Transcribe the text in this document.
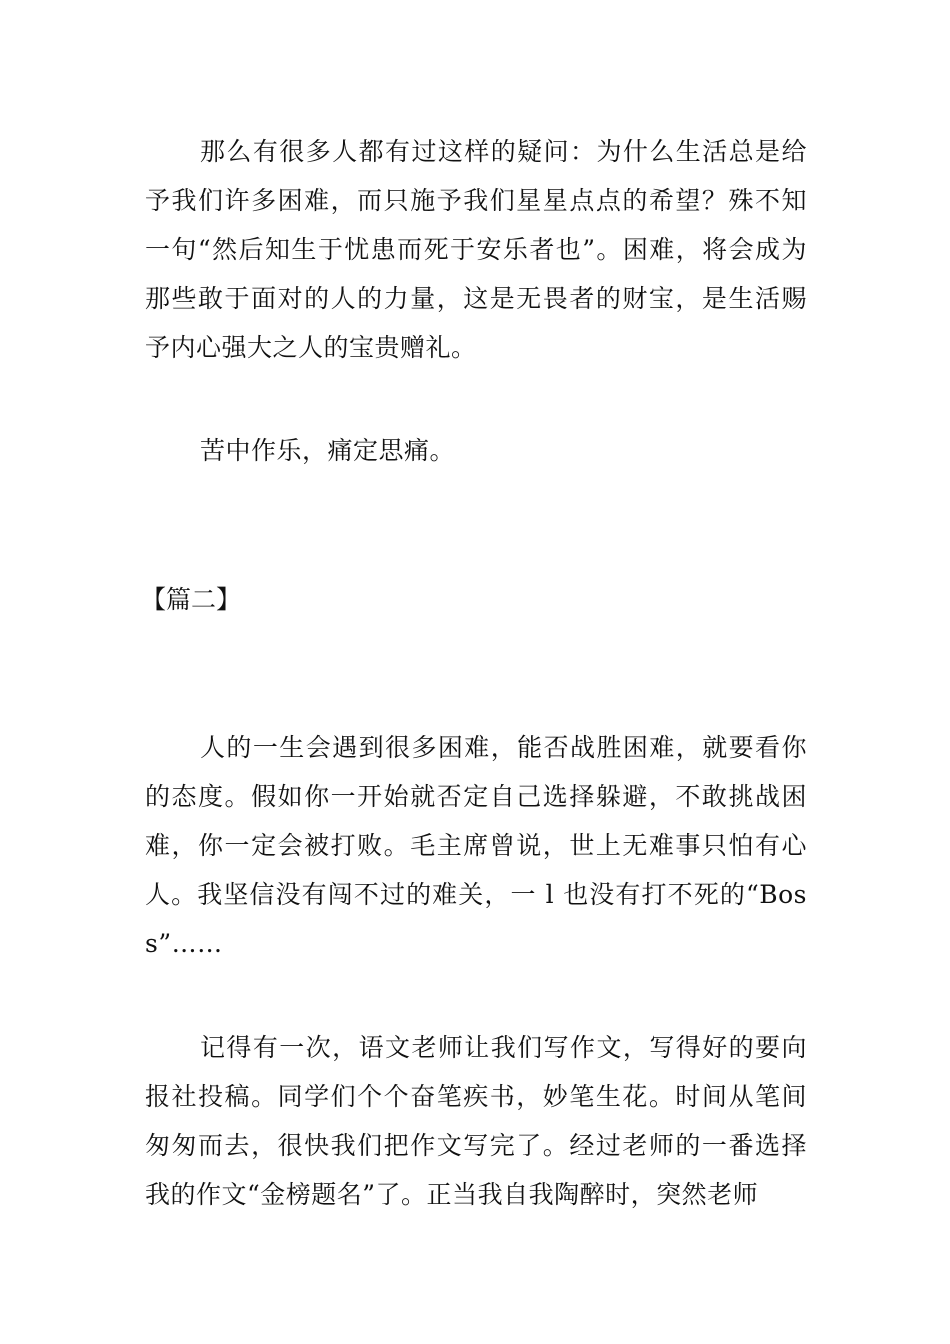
那么有很多人都有过这样的疑问：为什么生活总是给予我们许多困难，而只施予我们星星点点的希望？殊不知一句“然后知生于忧患而死于安乐者也”。困难，将会成为那些敢于面对的人的力量，这是无畏者的财宝，是生活赐予内心强大之人的宝贵赠礼。

苦中作乐，痛定思痛。

【篇二】

人的一生会遇到很多困难，能否战胜困难，就要看你的态度。假如你一开始就否定自己选择躲避，不敢挑战困难，你一定会被打败。毛主席曾说，世上无难事只怕有心人。我坚信没有闯不过的难关，一 l 也没有打不死的“Boss”……

记得有一次，语文老师让我们写作文，写得好的要向报社投稿。同学们个个奋笔疾书，妙笔生花。时间从笔间匆匆而去，很快我们把作文写完了。经过老师的一番选择我的作文“金榜题名”了。正当我自我陶醉时，突然老师
